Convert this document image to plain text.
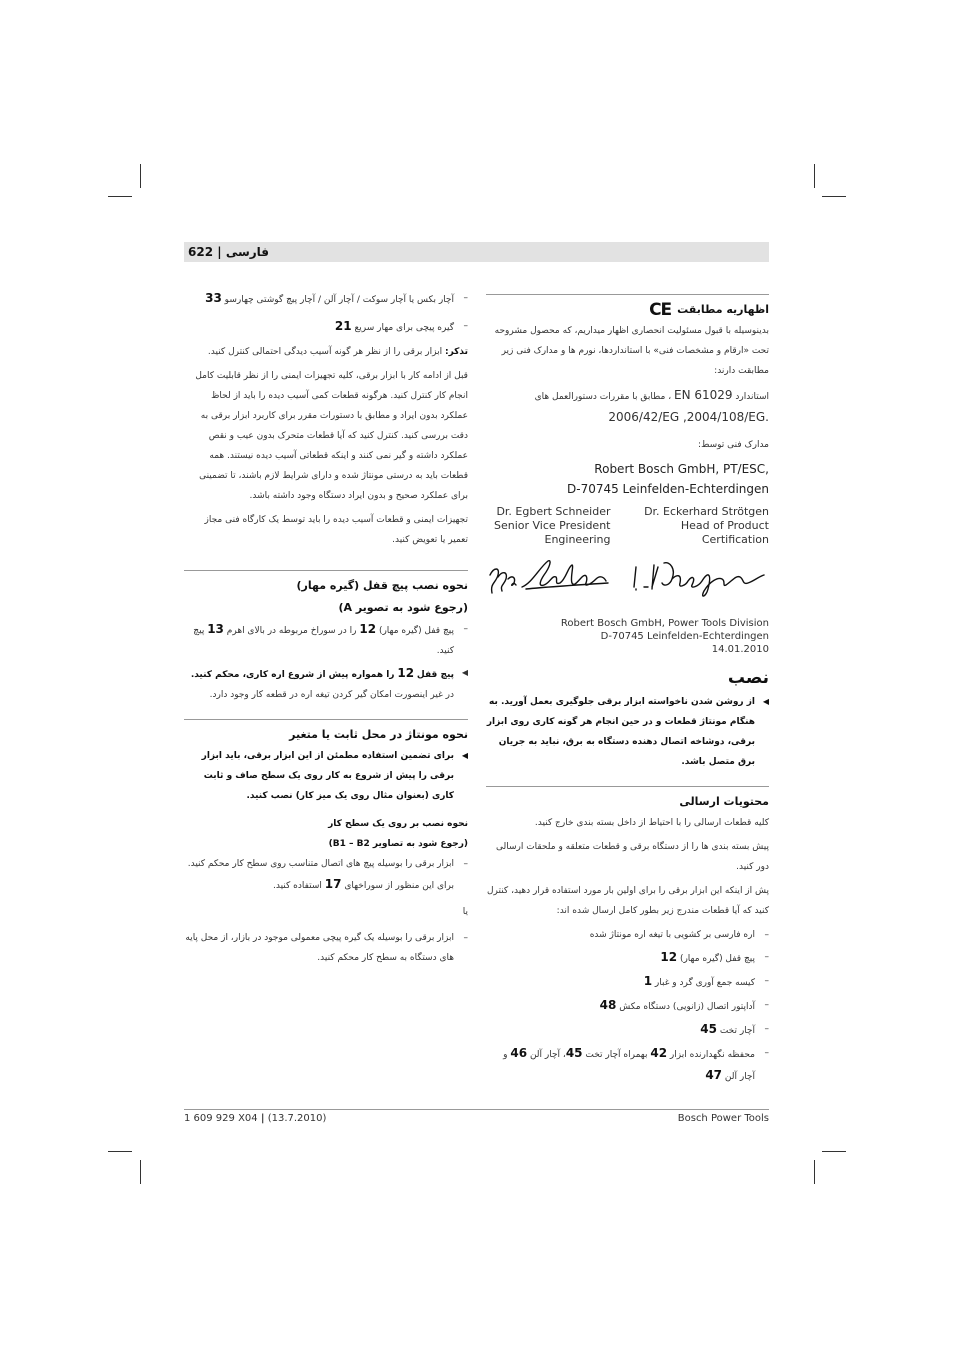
622 | فارسی
–
آچار بکس یا آچار سوکت / آچار آلن / آچار پیچ گوشتی چهارسو 33
–
گیره پیچی برای مهار سریع 21
تذکر: ابزار برقی را از نظر هر گونه آسیب دیدگی احتمالی کنترل کنید.
قبل از ادامه کار با ابزار برقی، کلیه تجهیزات ایمنی را از نظر قابلیت کامل انجام کار کنترل کنید. هرگونه قطعات کمی آسیب دیده را باید از لحاظ عملکرد بدون ایراد و مطابق با دستورات مقرر برای کاربرد ابزار برقی به دقت بررسی کنید. کنترل کنید که آیا قطعات متحرک بدون عیب و نقص عملکرد داشته و گیر نمی کنند و اینکه قطعاتی آسیب دیده نیستند. همه قطعات باید به درستی مونتاژ شده و دارای شرایط لازم باشند، تا تضمینی برای عملکرد صحیح و بدون ایراد دستگاه وجود داشته باشد.
تجهیزات ایمنی و قطعات آسیب دیده را باید توسط یک کارگاه فنی مجاز تعمیر یا تعویض کنید.
نحوه نصب پیچ قفل (گیره مهار)
(رجوع شود به تصویر A)
–
پیچ قفل (گیره مهار) 12 را در سوراخ مربوطه در بالای اهرم 13 پیچ کنید.
◀
پیچ قفل 12 را همواره پیش از شروع اره کاری، محکم کنید. در غیر اینصورت امکان گیر کردن تیغه اره در قطعه کار وجود دارد.
نحوه مونتاژ در محل ثابت یا متغیر
◀
برای تضمین استفاده مطمئن از این ابزار برقی، باید ابزار برقی را پیش از شروع به کار روی یک سطح صاف و ثابت کاری (بعنوان مثال روی یک میز کار) نصب کنید.
نحوه نصب بر روی یک سطح کار
(رجوع شود به تصاویر B1 – B2)
–
ابزار برقی را بوسیله پیچ های اتصال متناسب روی سطح کار محکم کنید. برای این منظور از سوراخهای 17 استفاده کنید.
یا
–
ابزار برقی را بوسیله یک گیره پیچی معمولی موجود در بازار، از محل پایه های دستگاه به سطح کار محکم کنید.
اظهاریه مطابقت
CE
بدینوسیله با قبول مسئولیت انحصاری اظهار میداریم، که محصول مشروحه تحت «ارقام و مشخصات فنی» با استانداردها، نورم ها و مدارک فنی زیر مطابقت دارند:
استاندارد EN 61029 ، مطابق با مقررات دستورالعمل های 2006/42/EG ,2004/108/EG.
مدارک فنی توسط:
Robert Bosch GmbH, PT/ESC,
D-70745 Leinfelden-Echterdingen
Dr. Egbert Schneider
Senior Vice President
Engineering
Dr. Eckerhard Strötgen
Head of Product
Certification
Robert Bosch GmbH, Power Tools Division
D-70745 Leinfelden-Echterdingen
14.01.2010
نصب
◀
از روشن شدن ناخواسته ابزار برقی جلوگیری بعمل آورید. به هنگام مونتاژ قطعات و در حین انجام هر گونه کاری روی ابزار برقی، دوشاخه اتصال دهنده دستگاه به برق، نباید به جریان برق متصل باشد.
محتویات ارسالی
کلیه قطعات ارسالی را با احتیاط از داخل بسته بندی خارج کنید.
پیش بسته بندی ها را از دستگاه برقی و قطعات متعلقه و ملحقات ارسالی دور کنید.
پش از اینکه این ابزار برقی را برای اولین بار مورد استفاده قرار دهید، کنترل کنید که آیا قطعات مندرج زیر بطور کامل ارسال شده اند:
–
اره فارسی بر کشویی با تیغه اره مونتاژ شده
–
پیچ قفل (گیره مهار) 12
–
کیسه جمع آوری گرد و غبار 1
–
آداپتور اتصال (زانویی) دستگاه مکش 48
–
آچار تخت 45
–
محفظه نگهدارنده ابزار 42 بهمراه آچار تخت 45، آچار آلن 46 و آچار آلن 47
1 609 929 X04 | (13.7.2010)	Bosch Power Tools
